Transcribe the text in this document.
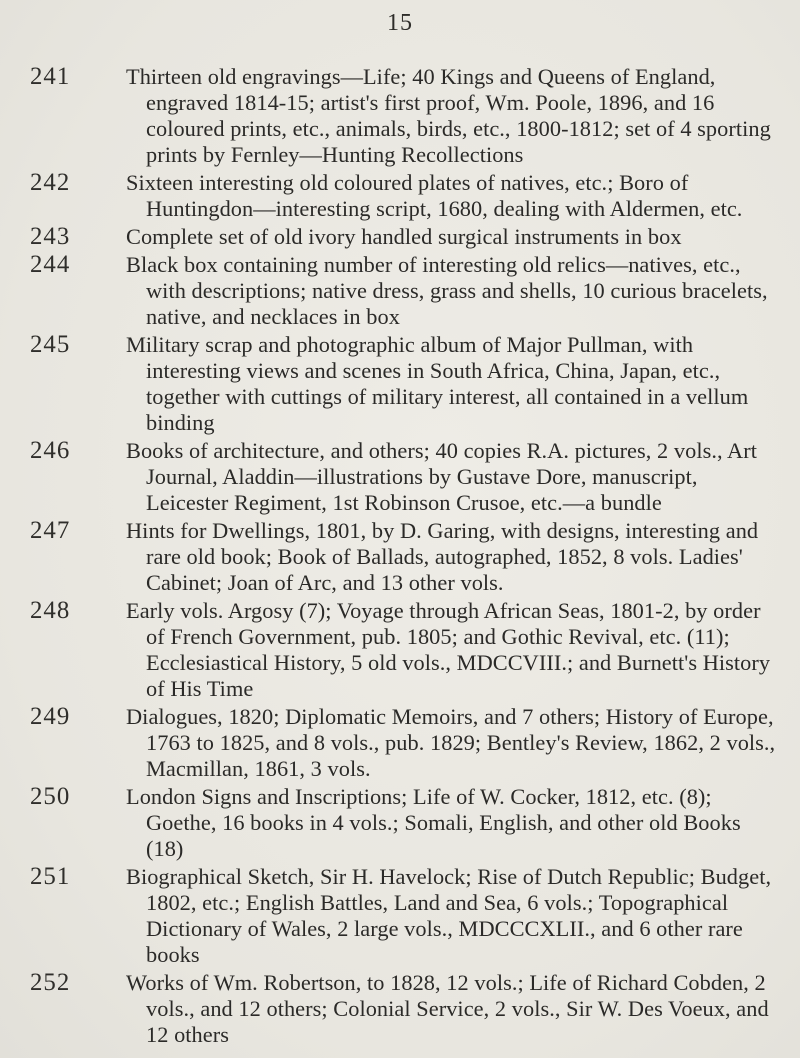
15
241	Thirteen old engravings—Life; 40 Kings and Queens of England, engraved 1814-15; artist's first proof, Wm. Poole, 1896, and 16 coloured prints, etc., animals, birds, etc., 1800-1812; set of 4 sporting prints by Fernley—Hunting Recollections
242	Sixteen interesting old coloured plates of natives, etc.; Boro of Huntingdon—interesting script, 1680, dealing with Aldermen, etc.
243	Complete set of old ivory handled surgical instruments in box
244	Black box containing number of interesting old relics—natives, etc., with descriptions; native dress, grass and shells, 10 curious bracelets, native, and necklaces in box
245	Military scrap and photographic album of Major Pullman, with interesting views and scenes in South Africa, China, Japan, etc., together with cuttings of military interest, all contained in a vellum binding
246	Books of architecture, and others; 40 copies R.A. pictures, 2 vols., Art Journal, Aladdin—illustrations by Gustave Dore, manuscript, Leicester Regiment, 1st Robinson Crusoe, etc.—a bundle
247	Hints for Dwellings, 1801, by D. Garing, with designs, interesting and rare old book; Book of Ballads, autographed, 1852, 8 vols. Ladies' Cabinet; Joan of Arc, and 13 other vols.
248	Early vols. Argosy (7); Voyage through African Seas, 1801-2, by order of French Government, pub. 1805; and Gothic Revival, etc. (11); Ecclesiastical History, 5 old vols., MDCCVIII.; and Burnett's History of His Time
249	Dialogues, 1820; Diplomatic Memoirs, and 7 others; History of Europe, 1763 to 1825, and 8 vols., pub. 1829; Bentley's Review, 1862, 2 vols., Macmillan, 1861, 3 vols.
250	London Signs and Inscriptions; Life of W. Cocker, 1812, etc. (8); Goethe, 16 books in 4 vols.; Somali, English, and other old Books (18)
251	Biographical Sketch, Sir H. Havelock; Rise of Dutch Republic; Budget, 1802, etc.; English Battles, Land and Sea, 6 vols.; Topographical Dictionary of Wales, 2 large vols., MDCCCXLII., and 6 other rare books
252	Works of Wm. Robertson, to 1828, 12 vols.; Life of Richard Cobden, 2 vols., and 12 others; Colonial Service, 2 vols., Sir W. Des Voeux, and 12 others
